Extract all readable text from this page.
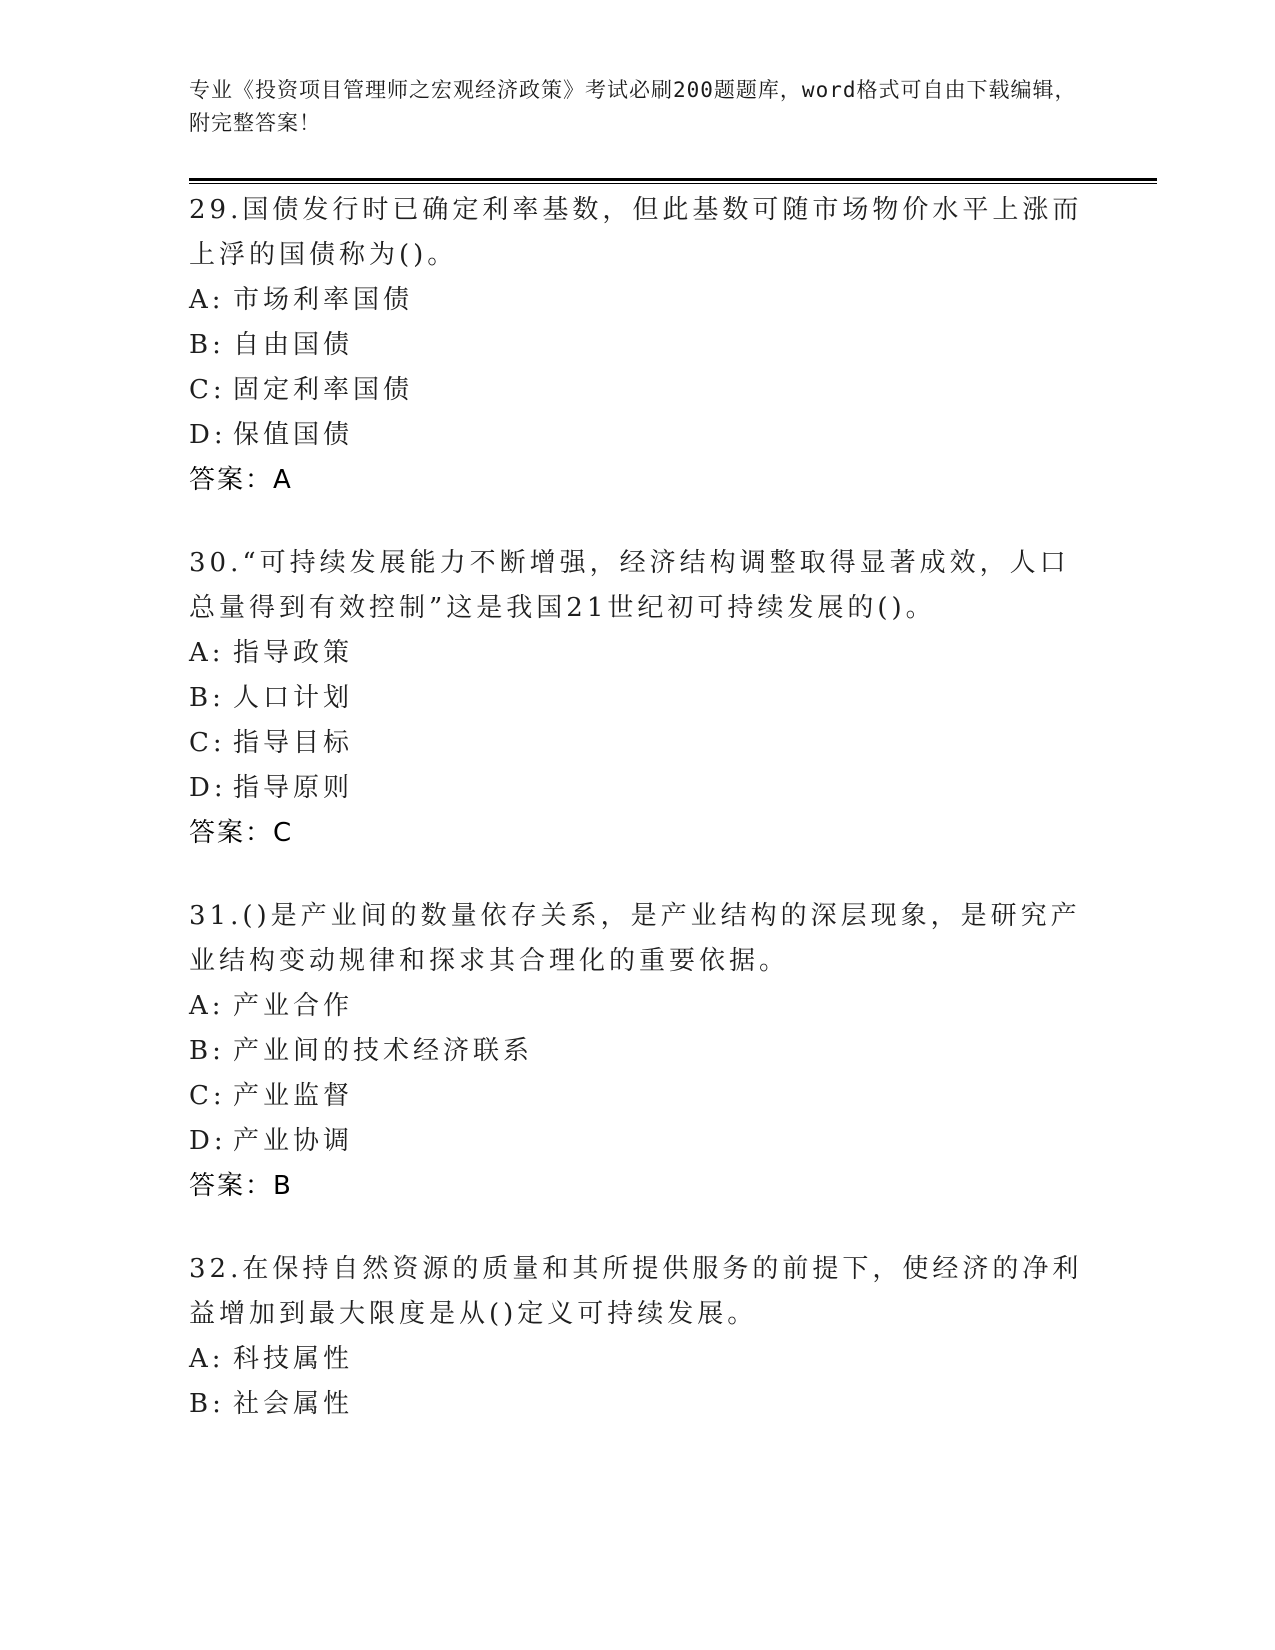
专业《投资项目管理师之宏观经济政策》考试必刷200题题库，word格式可自由下载编辑，附完整答案！
29.国债发行时已确定利率基数，但此基数可随市场物价水平上涨而上浮的国债称为()。
A: 市场利率国债
B: 自由国债
C: 固定利率国债
D: 保值国债
答案：A
30.“可持续发展能力不断增强，经济结构调整取得显著成效，人口总量得到有效控制”这是我国21世纪初可持续发展的()。
A: 指导政策
B: 人口计划
C: 指导目标
D: 指导原则
答案：C
31.()是产业间的数量依存关系，是产业结构的深层现象，是研究产业结构变动规律和探求其合理化的重要依据。
A: 产业合作
B: 产业间的技术经济联系
C: 产业监督
D: 产业协调
答案：B
32.在保持自然资源的质量和其所提供服务的前提下，使经济的净利益增加到最大限度是从()定义可持续发展。
A: 科技属性
B: 社会属性
